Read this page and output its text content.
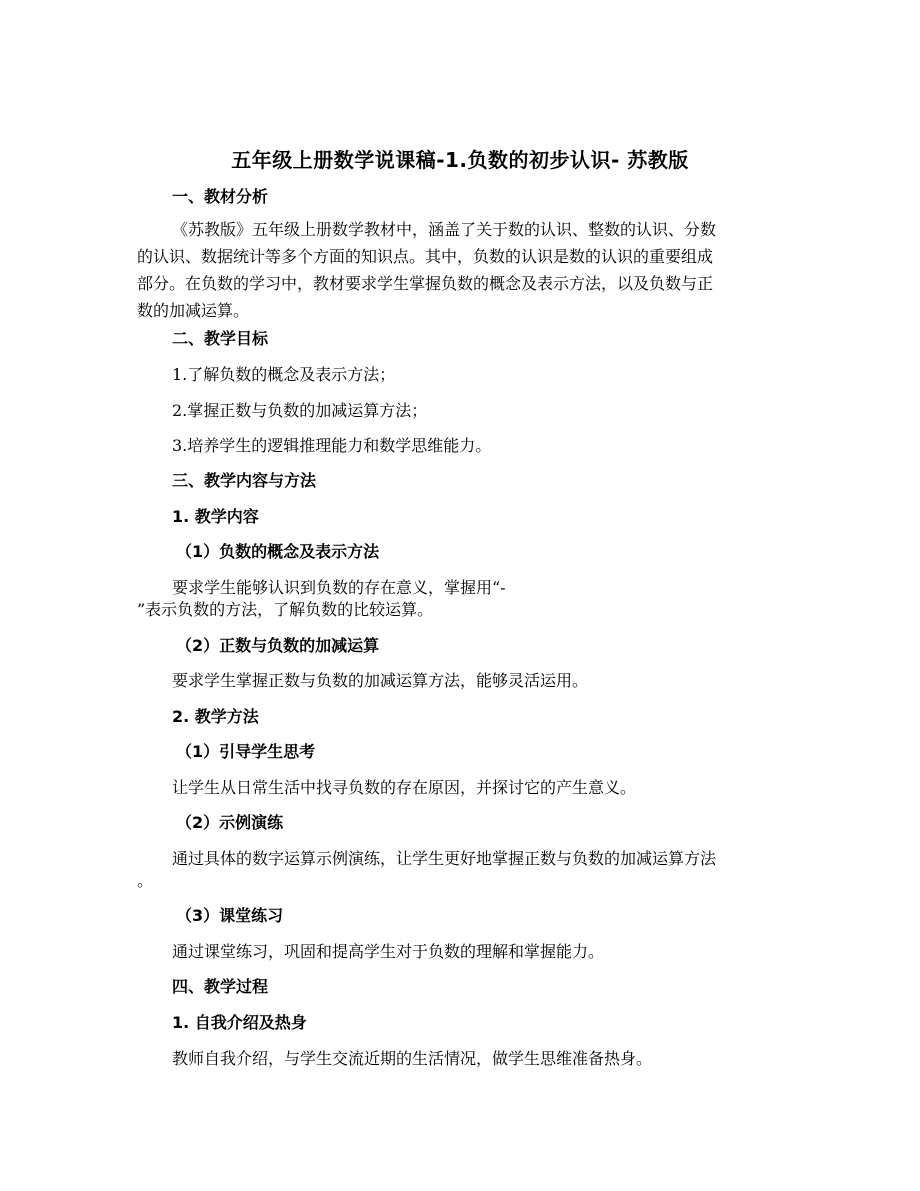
五年级上册数学说课稿-1.负数的初步认识- 苏教版
一、教材分析
《苏教版》五年级上册数学教材中，涵盖了关于数的认识、整数的认识、分数
的认识、数据统计等多个方面的知识点。其中，负数的认识是数的认识的重要组成
部分。在负数的学习中，教材要求学生掌握负数的概念及表示方法，以及负数与正
数的加减运算。
二、教学目标
1.了解负数的概念及表示方法；
2.掌握正数与负数的加减运算方法；
3.培养学生的逻辑推理能力和数学思维能力。
三、教学内容与方法
1. 教学内容
（1）负数的概念及表示方法
要求学生能够认识到负数的存在意义，掌握用“-
”表示负数的方法，了解负数的比较运算。
（2）正数与负数的加减运算
要求学生掌握正数与负数的加减运算方法，能够灵活运用。
2. 教学方法
（1）引导学生思考
让学生从日常生活中找寻负数的存在原因，并探讨它的产生意义。
（2）示例演练
通过具体的数字运算示例演练，让学生更好地掌握正数与负数的加减运算方法
。
（3）课堂练习
通过课堂练习，巩固和提高学生对于负数的理解和掌握能力。
四、教学过程
1. 自我介绍及热身
教师自我介绍，与学生交流近期的生活情况，做学生思维准备热身。
